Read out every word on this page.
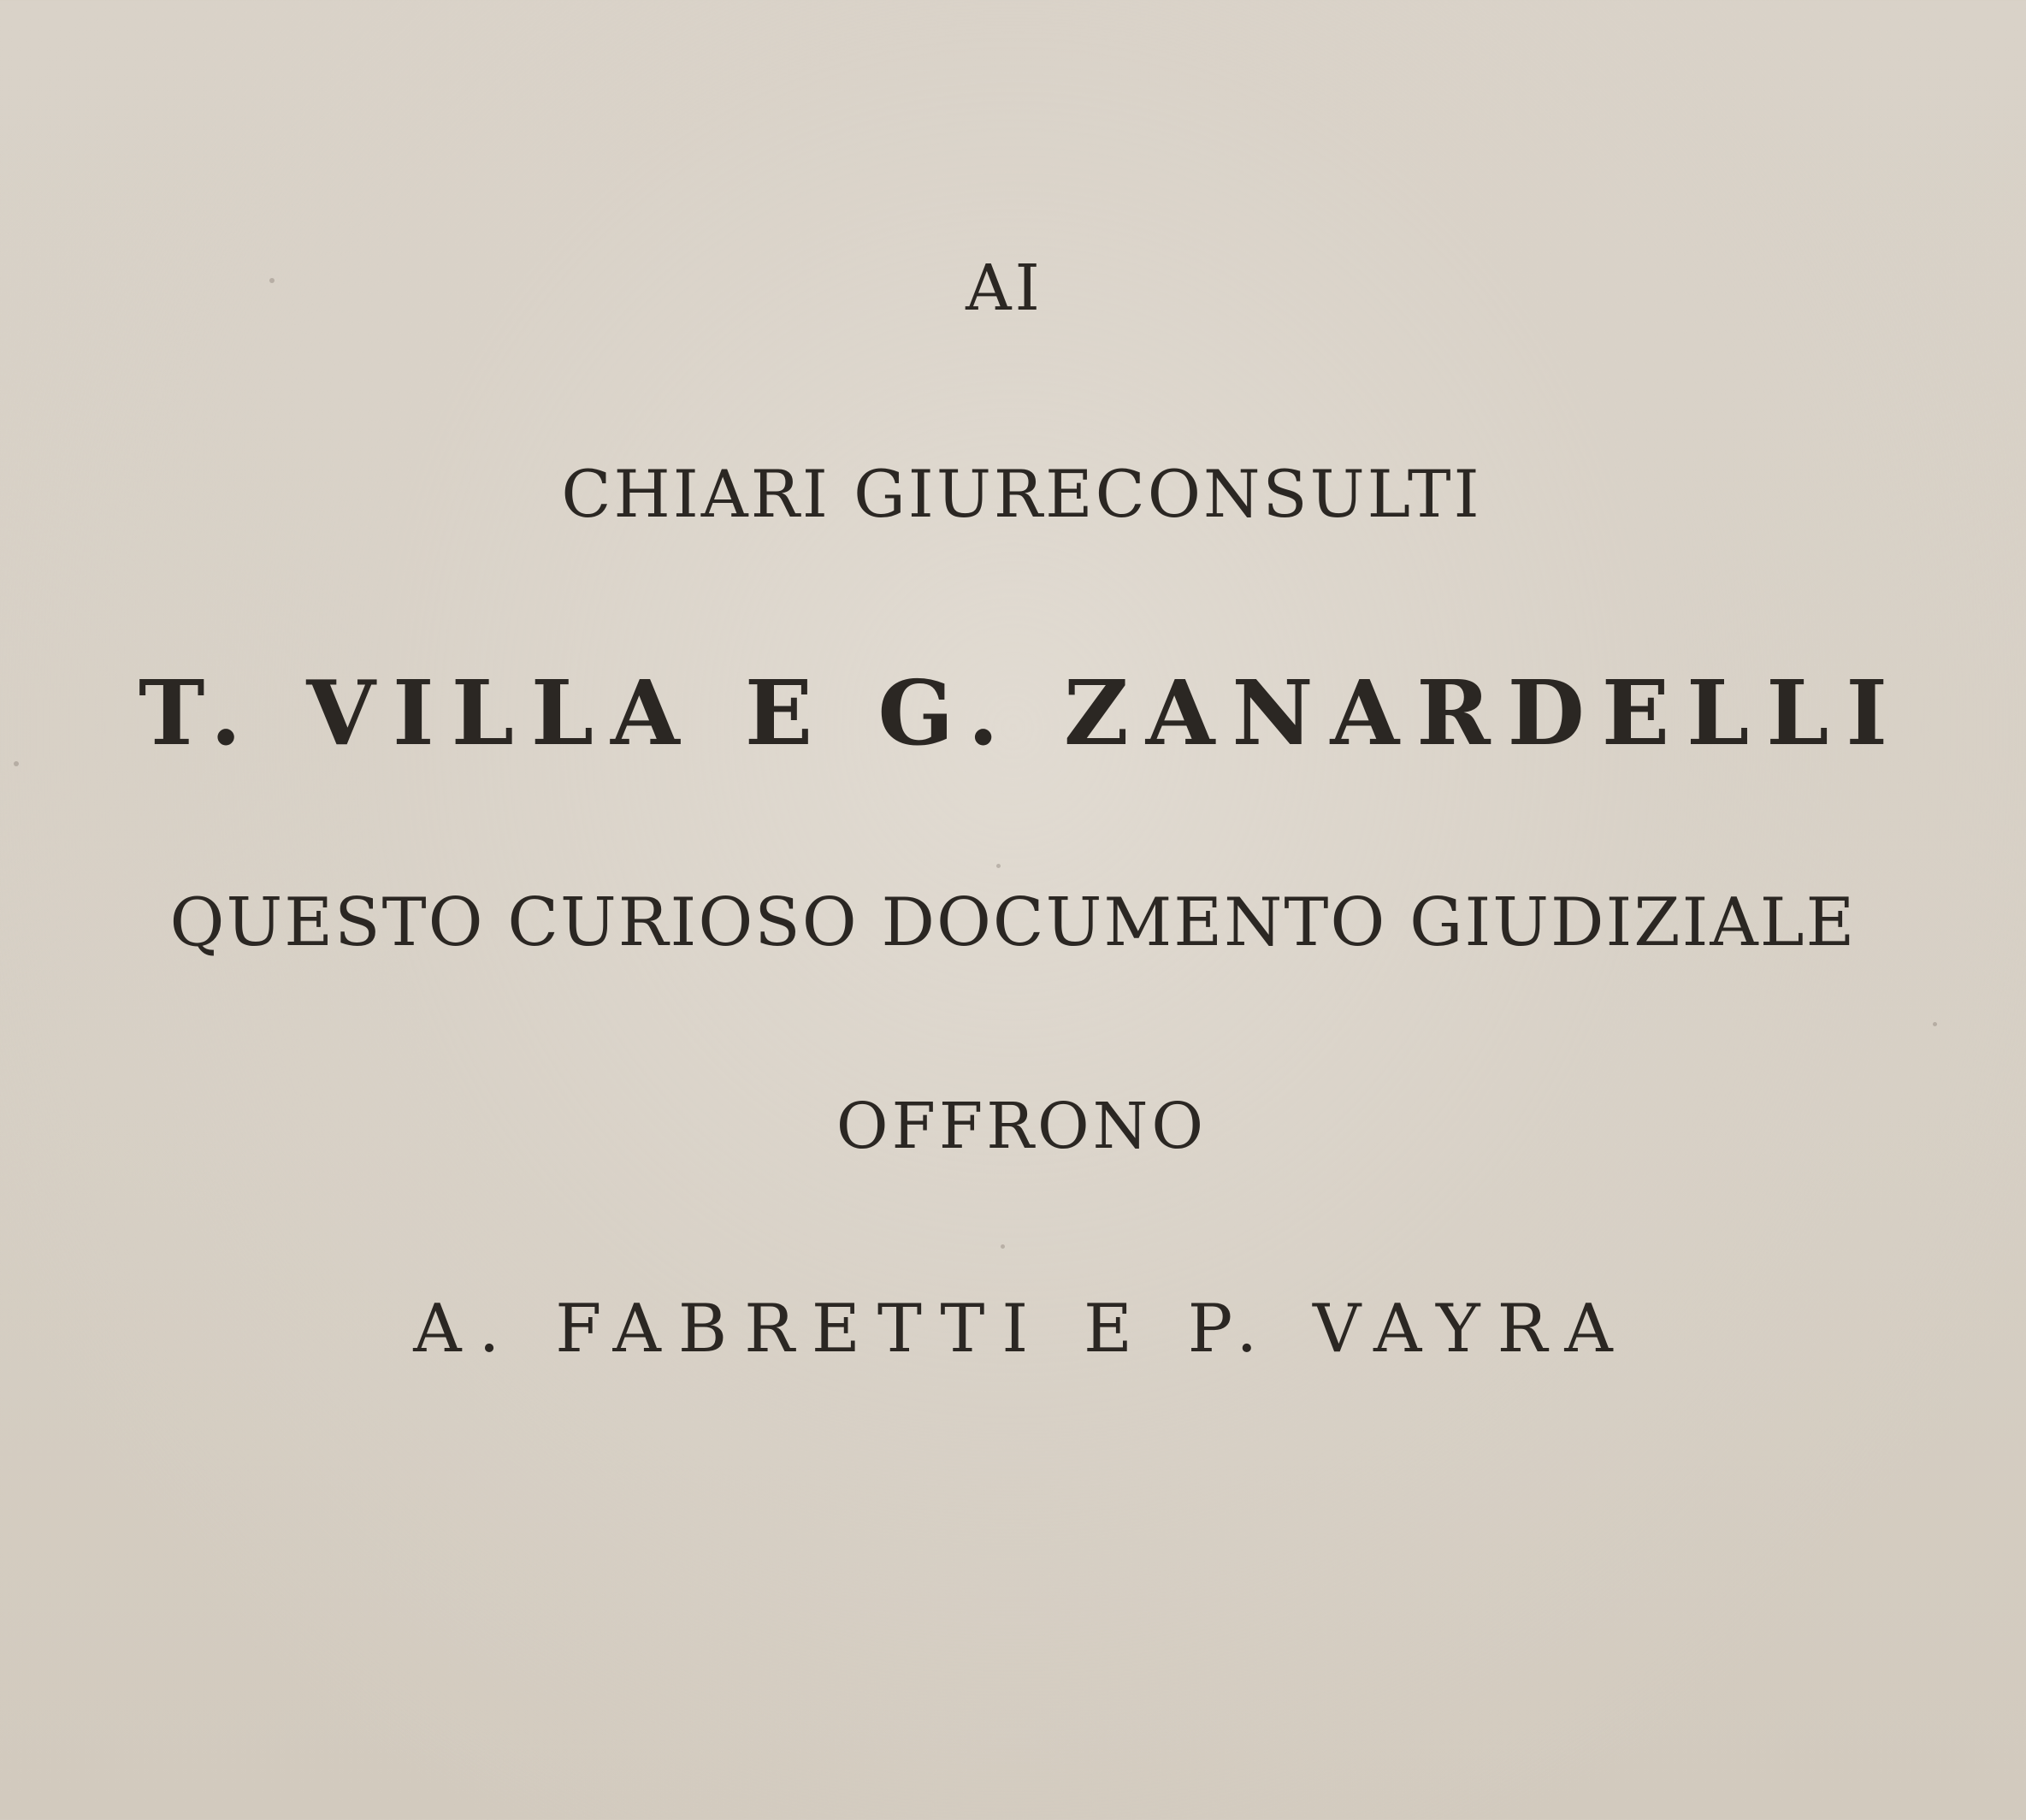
AI
CHIARI GIURECONSULTI
T. VILLA E G. ZANARDELLI
QUESTO CURIOSO DOCUMENTO GIUDIZIALE
OFFRONO
A. FABRETTI E P. VAYRA
